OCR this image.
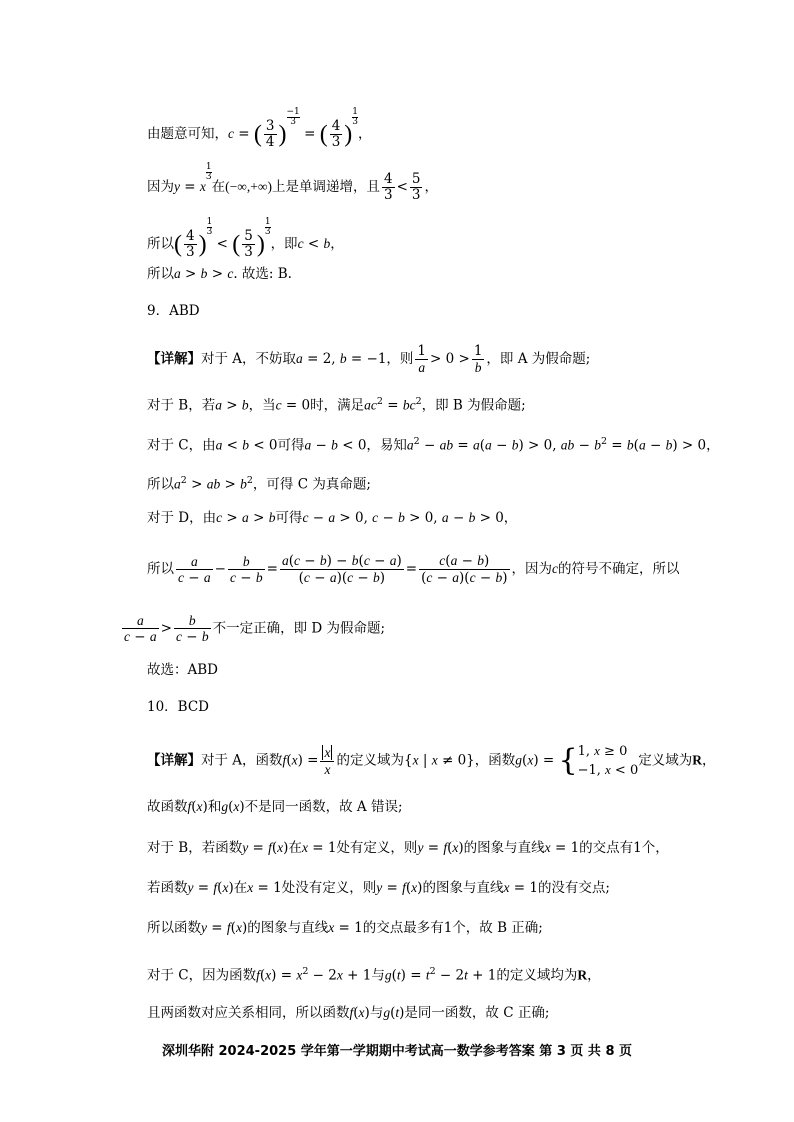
由题意可知，c = ( $\frac{3}{4}$ )
$\frac{-1}{3}$
= ( $\frac{4}{3}$ )
$\frac{1}{3}$
，
因为y = x
$\frac{1}{3}$
在(−∞,+∞)上是单调递增，且 $\frac{4}{3} < \frac{5}{3}$ ，
所以( $\frac{4}{3}$ )
$\frac{1}{3}$
< ( $\frac{5}{3}$ )
$\frac{1}{3}$
，即c < b，
所以a > b > c. 故选: B.
9．ABD
【详解】对于 A，不妨取a = 2, b = −1，则 $\frac{1}{a} > 0 > \frac{1}{b}$ ，即 A 为假命题;
对于 B，若a > b，当c = 0时，满足$ac^2 = bc^2$，即 B 为假命题;
对于 C，由a < b < 0可得a − b < 0，易知$a^2$ − ab = a(a − b) > 0, ab − $b^2 = b(a - b) > 0$，
所以$a^2$ > ab > $b^2$，可得 C 为真命题;
对于 D，由c > a > b可得c − a > 0, c − b > 0, a − b > 0，
所以 $\frac{a}{c - a} - \frac{b}{c - b} = \frac{a(c - b) - b(c - a)}{(c - a)(c - b)} = \frac{c(a - b)}{(c - a)(c - b)}$ ，因为c的符号不确定，所以
$\frac{a}{c - a} > \frac{b}{c - b}$ 不一定正确，即 D 为假命题;
故选：ABD
10．BCD
【详解】对于 A，函数$f(x) = \frac{x}{x}$ 的定义域为{x | x ≠ 0}，函数g(x) = { 1, x ≥ 0
−1, x < 0
定义域为R，
故函数f(x)和g(x)不是同一函数，故 A 错误;
对于 B，若函数y = f(x)在x = 1处有定义，则y = f(x)的图象与直线x = 1的交点有1个，
若函数y = f(x)在x = 1处没有定义，则y = f(x)的图象与直线x = 1的没有交点;
所以函数y = f(x)的图象与直线x = 1的交点最多有1个，故 B 正确;
对于 C，因为函数$f(x) = x^2 - 2x + 1$与$g(t) = t^2 - 2t + 1$的定义域均为R，
且两函数对应关系相同，所以函数f(x)与g(t)是同一函数，故 C 正确;
深圳华附 2024-2025 学年第一学期期中考试高一数学参考答案 第 3 页 共 8 页
